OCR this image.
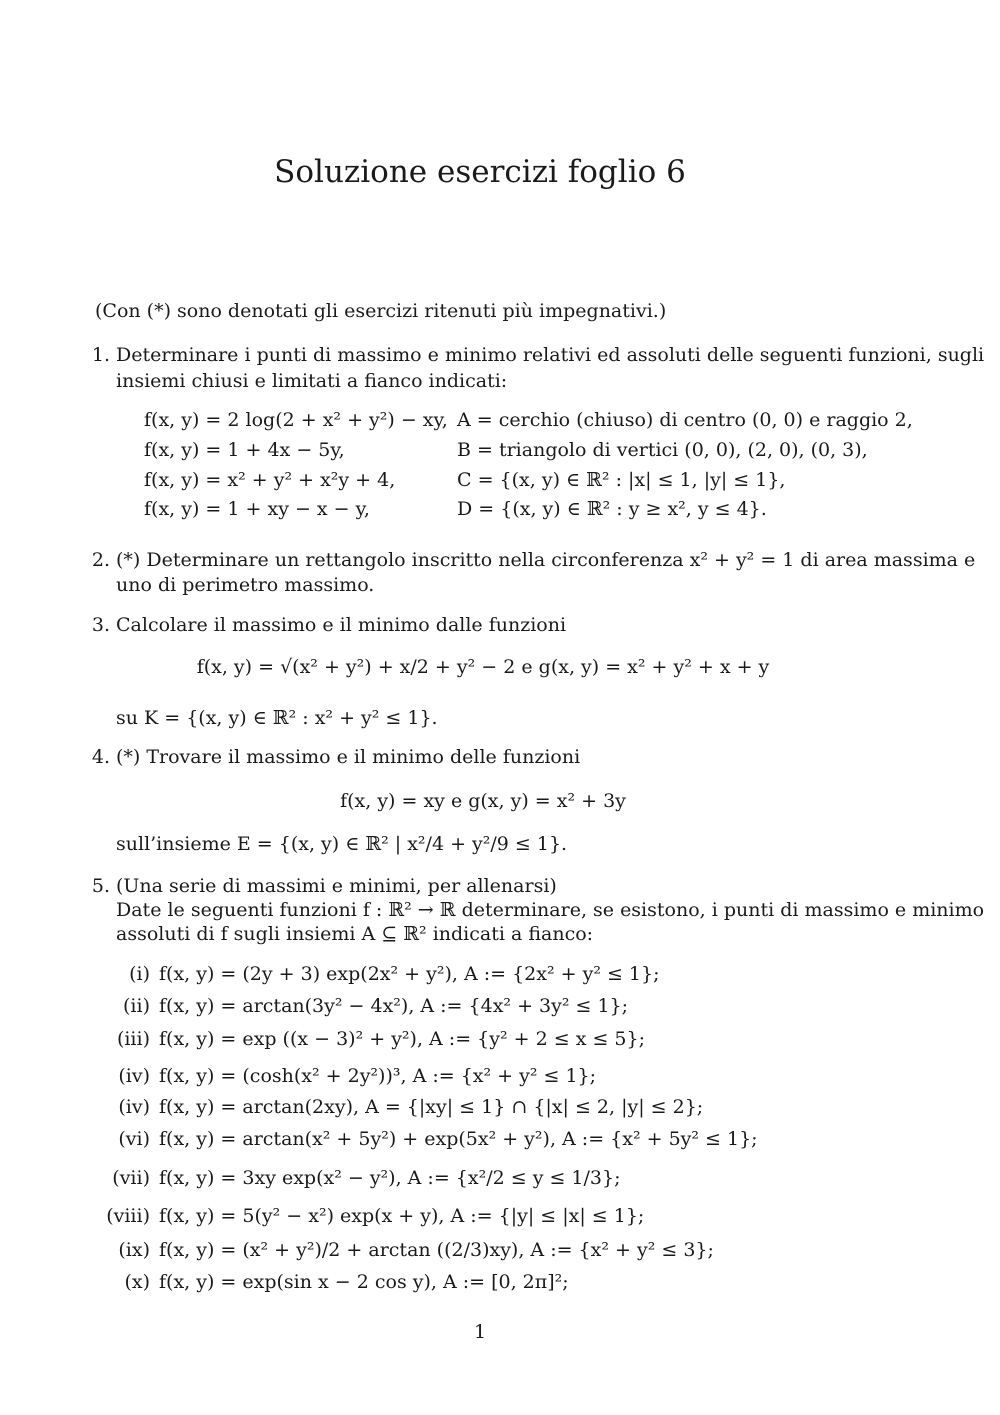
Soluzione esercizi foglio 6
(Con (*) sono denotati gli esercizi ritenuti più impegnativi.)
1. Determinare i punti di massimo e minimo relativi ed assoluti delle seguenti funzioni, sugli
insiemi chiusi e limitati a fianco indicati:
f(x, y) = 2 log(2 + x² + y²) − xy, A = cerchio (chiuso) di centro (0, 0) e raggio 2,
f(x, y) = 1 + 4x − 5y,	B = triangolo di vertici (0, 0), (2, 0), (0, 3),
f(x, y) = x² + y² + x²y + 4,	C = {(x, y) ∈ ℝ² : |x| ≤ 1, |y| ≤ 1},
f(x, y) = 1 + xy − x − y,	D = {(x, y) ∈ ℝ² : y ≥ x², y ≤ 4}.
2. (*) Determinare un rettangolo inscritto nella circonferenza x² + y² = 1 di area massima e
uno di perimetro massimo.
3. Calcolare il massimo e il minimo dalle funzioni
f(x, y) = √(x² + y²) + x/2 + y² − 2 e g(x, y) = x² + y² + x + y
su K = {(x, y) ∈ ℝ² : x² + y² ≤ 1}.
4. (*) Trovare il massimo e il minimo delle funzioni
f(x, y) = xy e g(x, y) = x² + 3y
sull’insieme E = {(x, y) ∈ ℝ² | x²/4 + y²/9 ≤ 1}.
5. (Una serie di massimi e minimi, per allenarsi)
Date le seguenti funzioni f : ℝ² → ℝ determinare, se esistono, i punti di massimo e minimo
assoluti di f sugli insiemi A ⊆ ℝ² indicati a fianco:
(i) f(x, y) = (2y + 3) exp(2x² + y²), A := {2x² + y² ≤ 1};
(ii) f(x, y) = arctan(3y² − 4x²), A := {4x² + 3y² ≤ 1};
(iii) f(x, y) = exp ((x − 3)² + y²), A := {y² + 2 ≤ x ≤ 5};
(iv) f(x, y) = (cosh(x² + 2y²))³, A := {x² + y² ≤ 1};
(iv) f(x, y) = arctan(2xy), A = {|xy| ≤ 1} ∩ {|x| ≤ 2, |y| ≤ 2};
(vi) f(x, y) = arctan(x² + 5y²) + exp(5x² + y²), A := {x² + 5y² ≤ 1};
(vii) f(x, y) = 3xy exp(x² − y²), A := {x²/2 ≤ y ≤ 1/3};
(viii) f(x, y) = 5(y² − x²) exp(x + y), A := {|y| ≤ |x| ≤ 1};
(ix) f(x, y) = (x² + y²)/2 + arctan ((2/3)xy), A := {x² + y² ≤ 3};
(x) f(x, y) = exp(sin x − 2 cos y), A := [0, 2π]²;
1
